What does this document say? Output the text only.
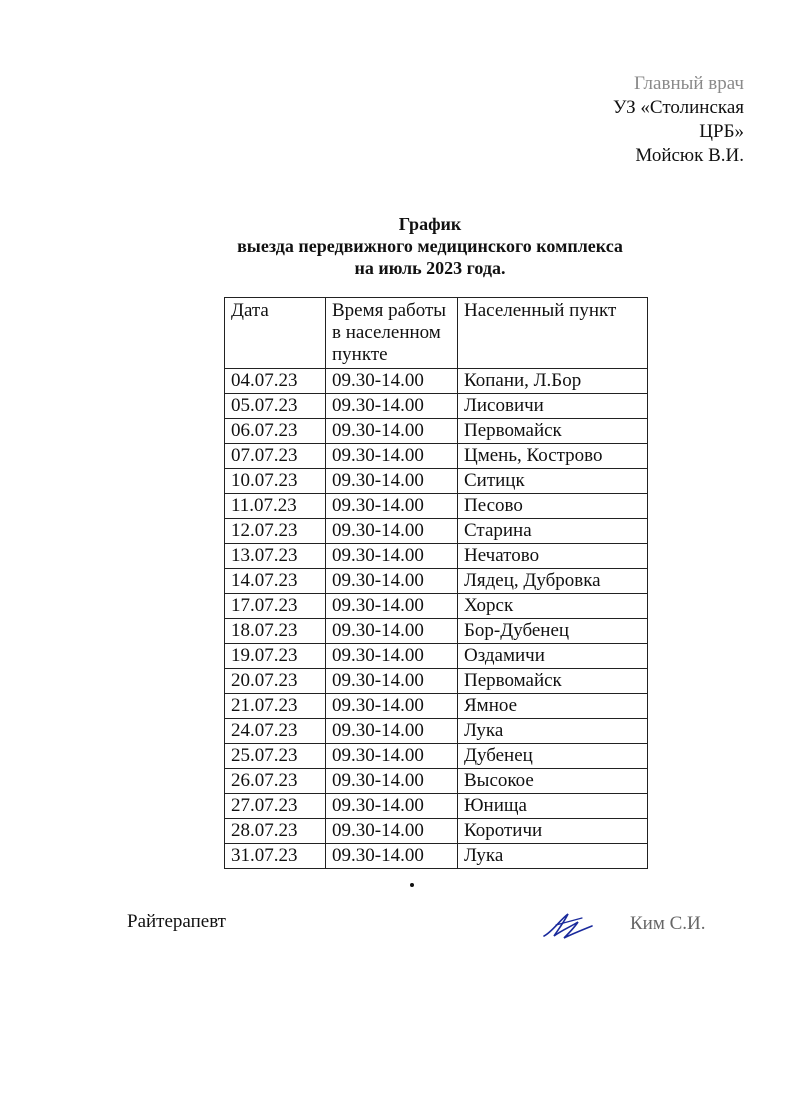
Главный врач
УЗ «Столинская
ЦРБ»
Мойсюк В.И.
График
выезда передвижного медицинского комплекса
на июль 2023 года.
Дата	Время работы в населенном пункте	Населенный пункт
04.07.23	09.30-14.00	Копани, Л.Бор
05.07.23	09.30-14.00	Лисовичи
06.07.23	09.30-14.00	Первомайск
07.07.23	09.30-14.00	Цмень, Кострово
10.07.23	09.30-14.00	Ситицк
11.07.23	09.30-14.00	Песово
12.07.23	09.30-14.00	Старина
13.07.23	09.30-14.00	Нечатово
14.07.23	09.30-14.00	Лядец, Дубровка
17.07.23	09.30-14.00	Хорск
18.07.23	09.30-14.00	Бор-Дубенец
19.07.23	09.30-14.00	Оздамичи
20.07.23	09.30-14.00	Первомайск
21.07.23	09.30-14.00	Ямное
24.07.23	09.30-14.00	Лука
25.07.23	09.30-14.00	Дубенец
26.07.23	09.30-14.00	Высокое
27.07.23	09.30-14.00	Юнища
28.07.23	09.30-14.00	Коротичи
31.07.23	09.30-14.00	Лука
Райтерапевт	Ким С.И.
